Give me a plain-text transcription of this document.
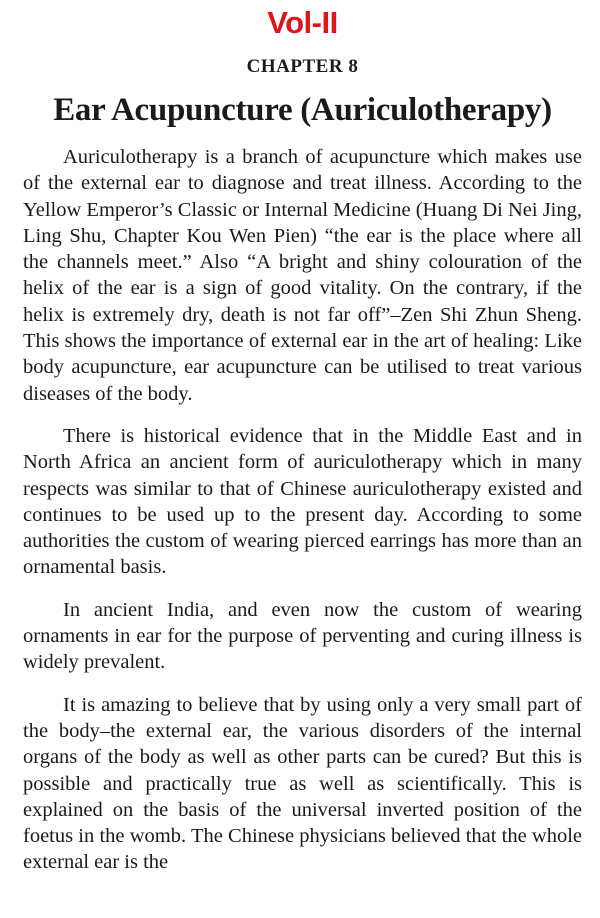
Vol-II
CHAPTER 8
Ear Acupuncture (Auriculotherapy)

Auriculotherapy is a branch of acupuncture which makes use of the external ear to diagnose and treat illness. According to the Yellow Emperor’s Classic or Internal Medicine (Huang Di Nei Jing, Ling Shu, Chapter Kou Wen Pien) “the ear is the place where all the channels meet.” Also “A bright and shiny colouration of the helix of the ear is a sign of good vitality. On the contrary, if the helix is extremely dry, death is not far off”–Zen Shi Zhun Sheng. This shows the importance of external ear in the art of healing: Like body acupuncture, ear acupuncture can be utilised to treat various diseases of the body.

There is historical evidence that in the Middle East and in North Africa an ancient form of auriculotherapy which in many respects was similar to that of Chinese auriculotherapy existed and continues to be used up to the present day. According to some authorities the custom of wearing pierced earrings has more than an ornamental basis.

In ancient India, and even now the custom of wearing ornaments in ear for the purpose of perventing and curing illness is widely prevalent.

It is amazing to believe that by using only a very small part of the body–the external ear, the various disorders of the internal organs of the body as well as other parts can be cured? But this is possible and practically true as well as scientifically. This is explained on the basis of the universal inverted position of the foetus in the womb. The Chinese physicians believed that the whole external ear is the
